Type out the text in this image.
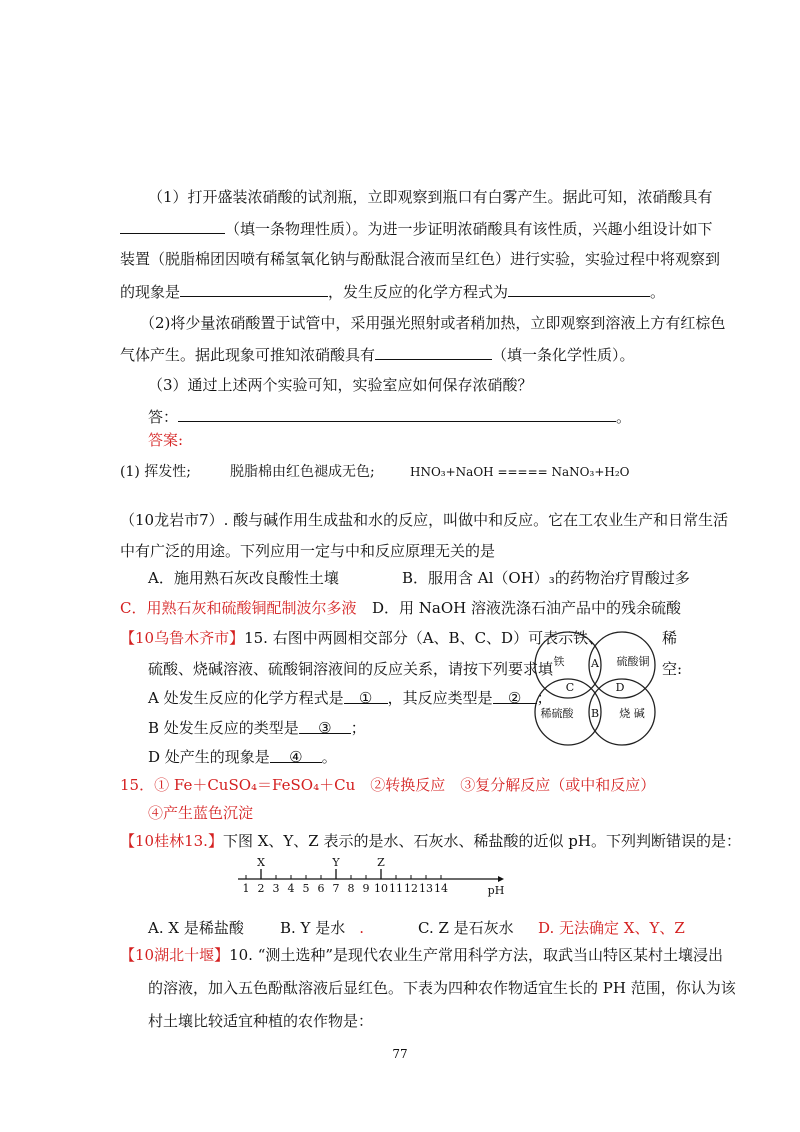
（1）打开盛装浓硝酸的试剂瓶，立即观察到瓶口有白雾产生。据此可知，浓硝酸具有
（填一条物理性质）。为进一步证明浓硝酸具有该性质，兴趣小组设计如下
装置（脱脂棉团因喷有稀氢氧化钠与酚酞混合液而呈红色）进行实验，实验过程中将观察到
的现象是	，发生反应的化学方程式为	。
（2)将少量浓硝酸置于试管中，采用强光照射或者稍加热，立即观察到溶液上方有红棕色
气体产生。据此现象可推知浓硝酸具有	（填一条化学性质）。
（3）通过上述两个实验可知，实验室应如何保存浓硝酸？
答：	。
答案:
(1) 挥发性;	脱脂棉由红色褪成无色;	HNO₃+NaOH ===== NaNO₃+H₂O
（10龙岩市7）. 酸与碱作用生成盐和水的反应，叫做中和反应。它在工农业生产和日常生活
中有广泛的用途。下列应用一定与中和反应原理无关的是
A．施用熟石灰改良酸性土壤	B．服用含 Al（OH）₃的药物治疗胃酸过多
C．用熟石灰和硫酸铜配制波尔多液 D．用 NaOH 溶液洗涤石油产品中的残余硫酸
【10乌鲁木齐市】15. 右图中两圆相交部分（A、B、C、D）可表示铁、	稀
硫酸、烧碱溶液、硫酸铜溶液间的反应关系，请按下列要求填	空:
A 处发生反应的化学方程式是 ① ，其反应类型是 ② ；
B 处发生反应的类型是 ③ ；
D 处产生的现象是 ④ 。
铁	硫酸铜
稀硫酸	烧 碱
A
C	D
B
15．① Fe＋CuSO₄＝FeSO₄＋Cu　②转换反应　③复分解反应（或中和反应）
④产生蓝色沉淀
【10桂林13.】下图 X、Y、Z 表示的是水、石灰水、稀盐酸的近似 pH。下列判断错误的是：
1 2 3 4 5 6 7 8 9 10 11 12 13 14	pH
X	Y	Z
A. X 是稀盐酸 B. Y 是水 .	C. Z 是石灰水 D. 无法确定 X、Y、Z
【10湖北十堰】10. “测土选种”是现代农业生产常用科学方法，取武当山特区某村土壤浸出
的溶液，加入五色酚酞溶液后显红色。下表为四种农作物适宜生长的 PH 范围，你认为该
村土壤比较适宜种植的农作物是：
77
